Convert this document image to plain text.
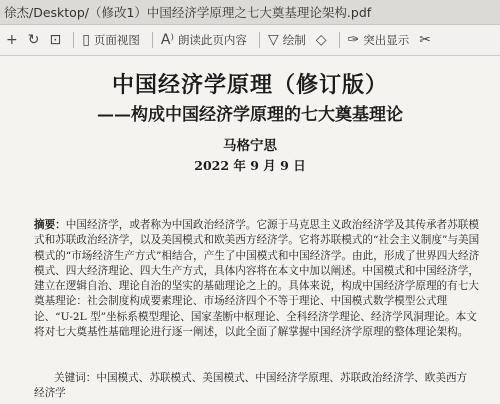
徐杰/Desktop/（修改1）中国经济学原理之七大奠基理论架构.pdf
+ ↻ ⊡ ▯ 页面视图 A⁾ 朗读此页内容 ▽ 绘制 ◇ ✑ 突出显示 ✂
中国经济学原理（修订版）
——构成中国经济学原理的七大奠基理论
马格宁思
2022 年 9 月 9 日

摘要：中国经济学，或者称为中国政治经济学。它源于马克思主义政治经济学及其传承者苏联模式和苏联政治经济学，以及美国模式和欧美西方经济学。它将苏联模式的“社会主义制度”与美国模式的“市场经济生产方式”相结合，产生了中国模式和中国经济学。由此，形成了世界四大经济模式、四大经济理论、四大生产方式，具体内容将在本文中加以阐述。中国模式和中国经济学，建立在逻辑自治、理论自治的坚实的基础理论之上的。具体来说，构成中国经济学原理的有七大奠基理论：社会制度构成要素理论、市场经济四个不等于理论、中国模式数学模型公式理论、“U-2L 型”坐标系模型理论、国家垄断中枢理论、全科经济学理论、经济学风洞理论。本文将对七大奠基性基础理论进行逐一阐述，以此全面了解掌握中国经济学原理的整体理论架构。

关键词：中国模式、苏联模式、美国模式、中国经济学原理、苏联政治经济学、欧美西方经济学
